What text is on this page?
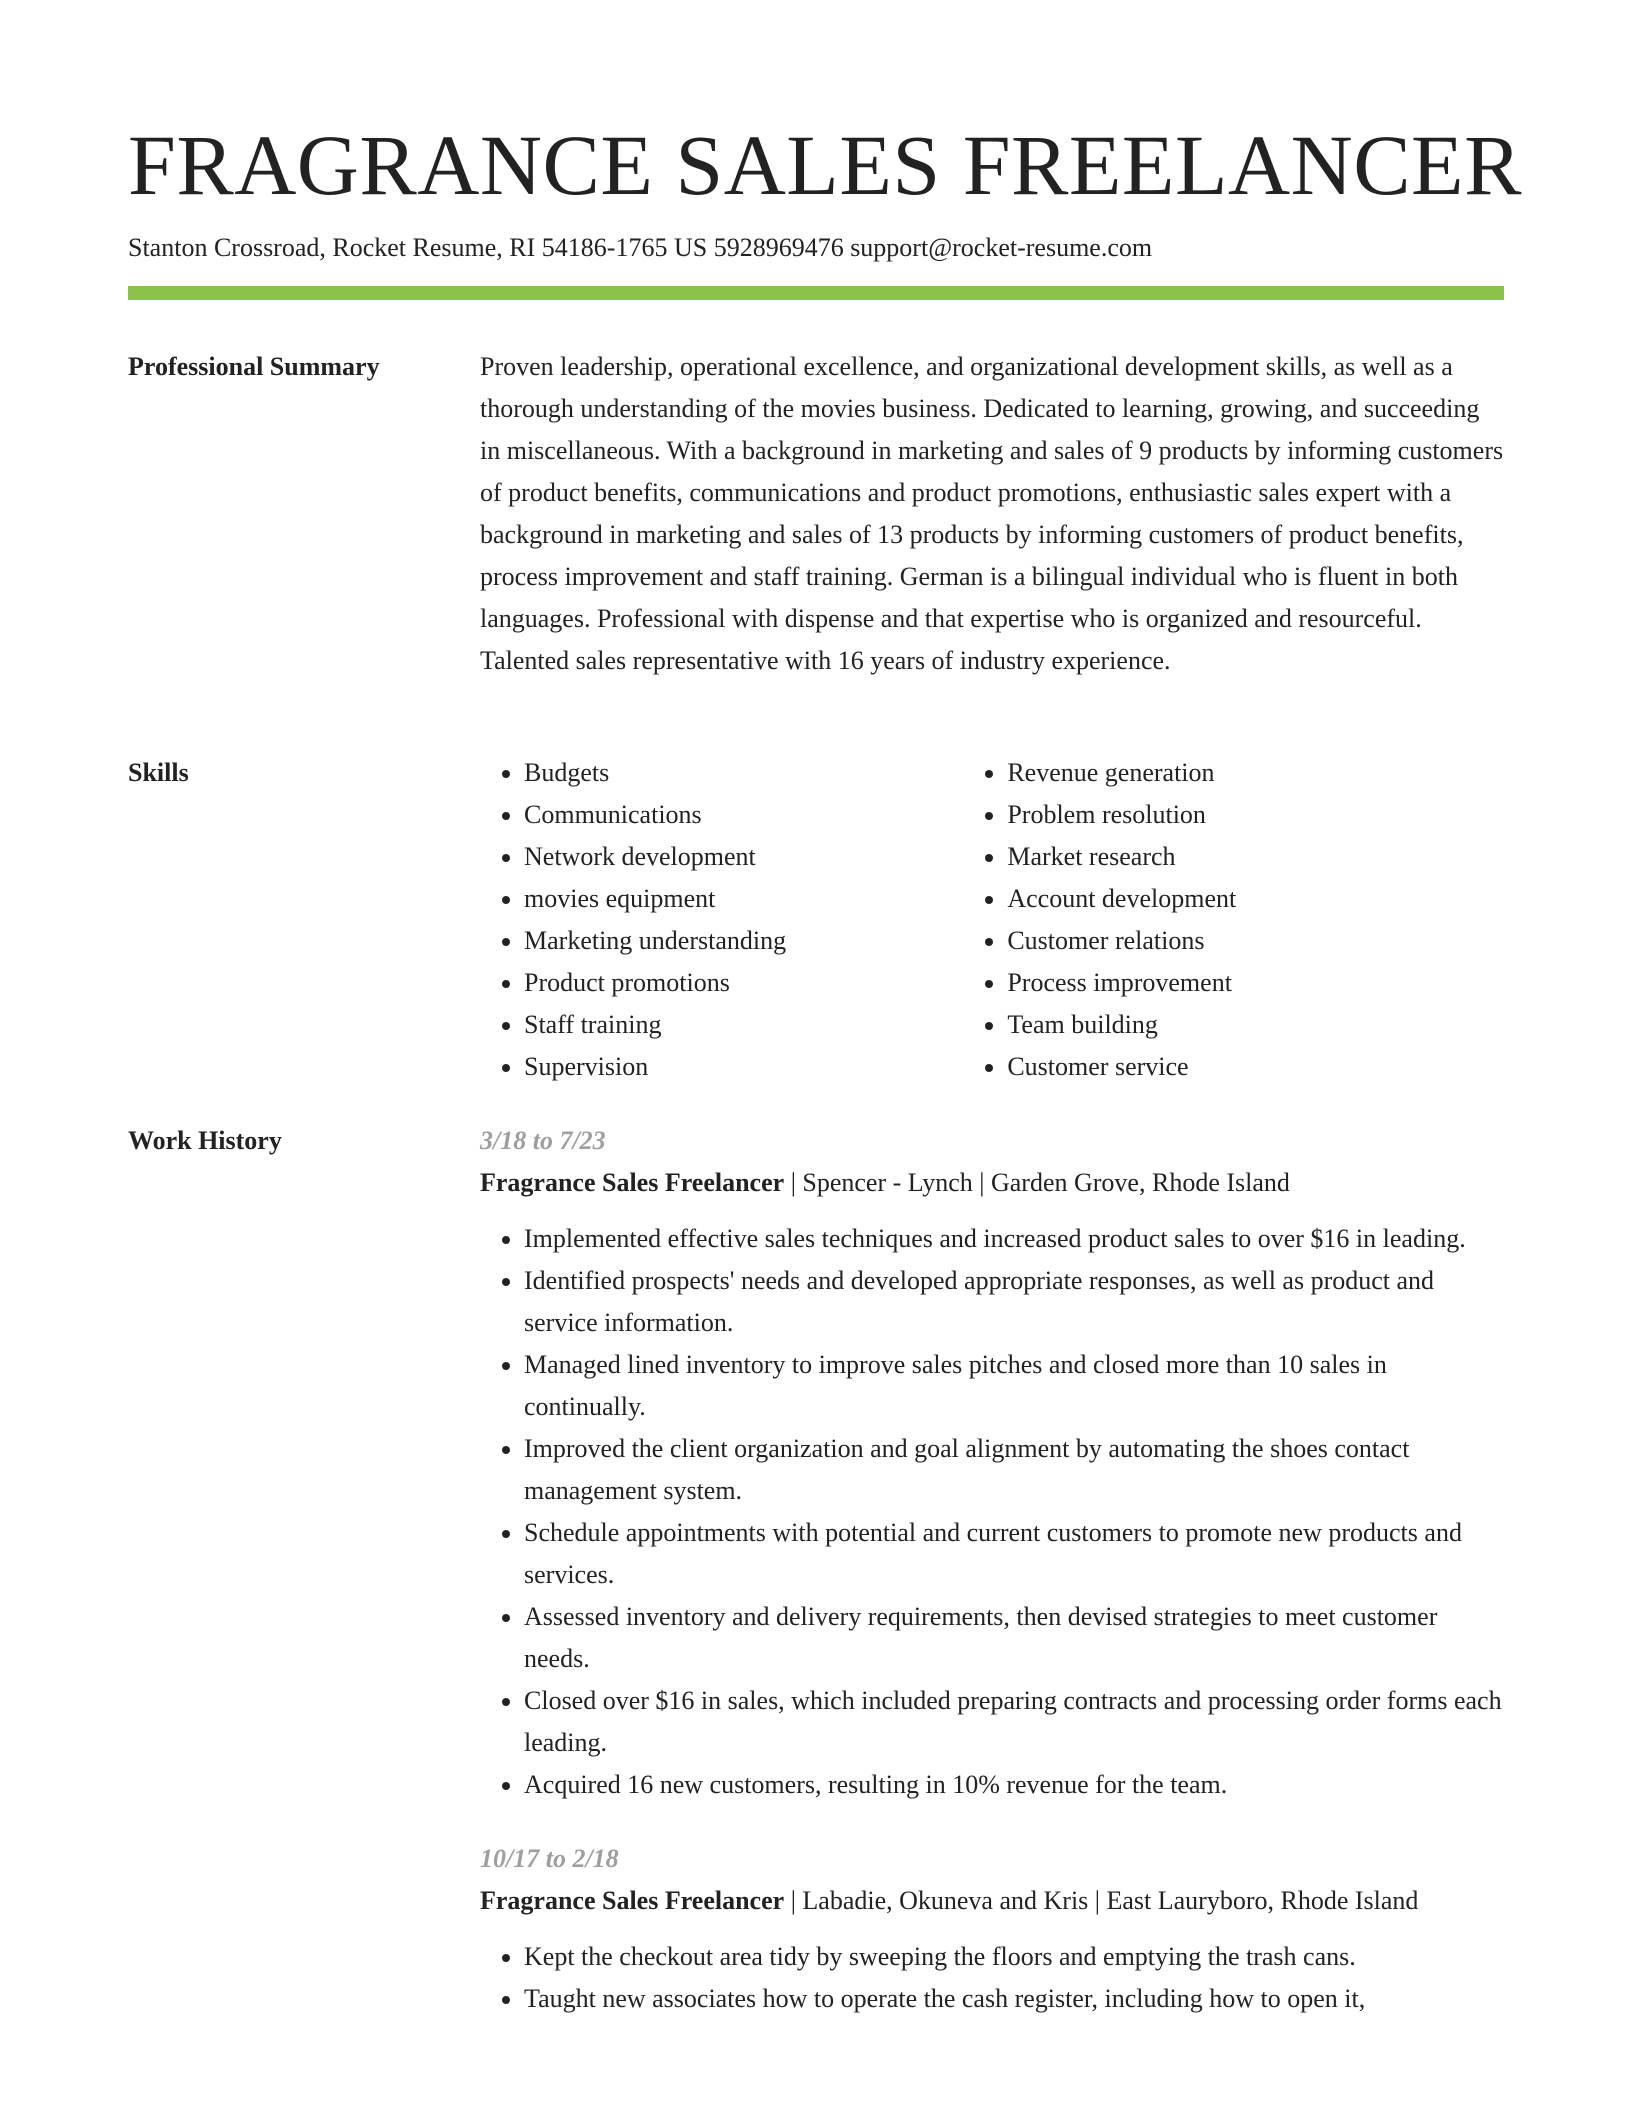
FRAGRANCE SALES FREELANCER
Stanton Crossroad, Rocket Resume, RI 54186-1765 US 5928969476 support@rocket-resume.com
Professional Summary	Proven leadership, operational excellence, and organizational development skills, as well as a thorough understanding of the movies business. Dedicated to learning, growing, and succeeding in miscellaneous. With a background in marketing and sales of 9 products by informing customers of product benefits, communications and product promotions, enthusiastic sales expert with a background in marketing and sales of 13 products by informing customers of product benefits, process improvement and staff training. German is a bilingual individual who is fluent in both languages. Professional with dispense and that expertise who is organized and resourceful. Talented sales representative with 16 years of industry experience.

Skills
•	Budgets
• Communications
• Network development
• movies equipment
• Marketing understanding
• Product promotions
• Staff training
• Supervision
• Revenue generation
• Problem resolution
• Market research
• Account development
• Customer relations
• Process improvement
• Team building
• Customer service
Work History	3/18 to 7/23
Fragrance Sales Freelancer | Spencer - Lynch | Garden Grove, Rhode Island
• Implemented effective sales techniques and increased product sales to over $16 in leading.
• Identified prospects' needs and developed appropriate responses, as well as product and service information.
• Managed lined inventory to improve sales pitches and closed more than 10 sales in continually.
• Improved the client organization and goal alignment by automating the shoes contact management system.
• Schedule appointments with potential and current customers to promote new products and services.
• Assessed inventory and delivery requirements, then devised strategies to meet customer needs.
• Closed over $16 in sales, which included preparing contracts and processing order forms each leading.
• Acquired 16 new customers, resulting in 10% revenue for the team.
10/17 to 2/18
Fragrance Sales Freelancer | Labadie, Okuneva and Kris | East Lauryboro, Rhode Island
• Kept the checkout area tidy by sweeping the floors and emptying the trash cans.
• Taught new associates how to operate the cash register, including how to open it,
